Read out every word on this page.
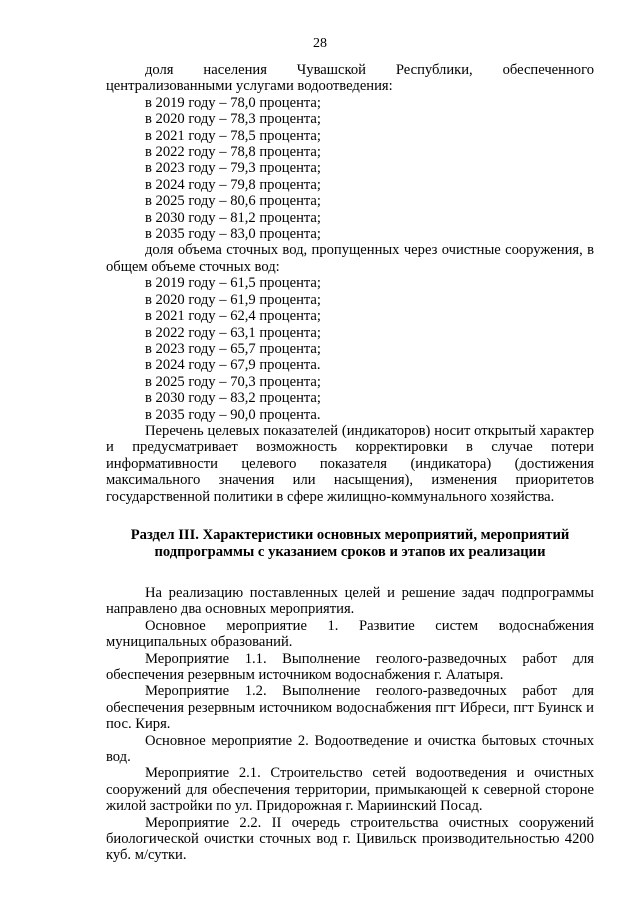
28

доля населения Чувашской Республики, обеспеченного централизованными услугами водоотведения:

в 2019 году – 78,0 процента;

в 2020 году – 78,3 процента;

в 2021 году – 78,5 процента;

в 2022 году – 78,8 процента;

в 2023 году – 79,3 процента;

в 2024 году – 79,8 процента;

в 2025 году – 80,6 процента;

в 2030 году – 81,2 процента;

в 2035 году – 83,0 процента;

доля объема сточных вод, пропущенных через очистные сооружения, в общем объеме сточных вод:

в 2019 году – 61,5 процента;

в 2020 году – 61,9 процента;

в 2021 году – 62,4 процента;

в 2022 году – 63,1 процента;

в 2023 году – 65,7 процента;

в 2024 году – 67,9 процента.

в 2025 году – 70,3 процента;

в 2030 году – 83,2 процента;

в 2035 году – 90,0 процента.

Перечень целевых показателей (индикаторов) носит открытый характер и предусматривает возможность корректировки в случае потери информативности целевого показателя (индикатора) (достижения максимального значения или насыщения), изменения приоритетов государственной политики в сфере жилищно-коммунального хозяйства.

Раздел III. Характеристики основных мероприятий, мероприятий
подпрограммы с указанием сроков и этапов их реализации

На реализацию поставленных целей и решение задач подпрограммы направлено два основных мероприятия.

Основное мероприятие 1. Развитие систем водоснабжения муниципальных образований.

Мероприятие 1.1. Выполнение геолого-разведочных работ для обеспечения резервным источником водоснабжения г. Алатыря.

Мероприятие 1.2. Выполнение геолого-разведочных работ для обеспечения резервным источником водоснабжения пгт Ибреси, пгт Буинск и пос. Киря.

Основное мероприятие 2. Водоотведение и очистка бытовых сточных вод.

Мероприятие 2.1. Строительство сетей водоотведения и очистных сооружений для обеспечения территории, примыкающей к северной стороне жилой застройки по ул. Придорожная г. Мариинский Посад.

Мероприятие 2.2. II очередь строительства очистных сооружений биологической очистки сточных вод г. Цивильск производительностью 4200 куб. м/сутки.
